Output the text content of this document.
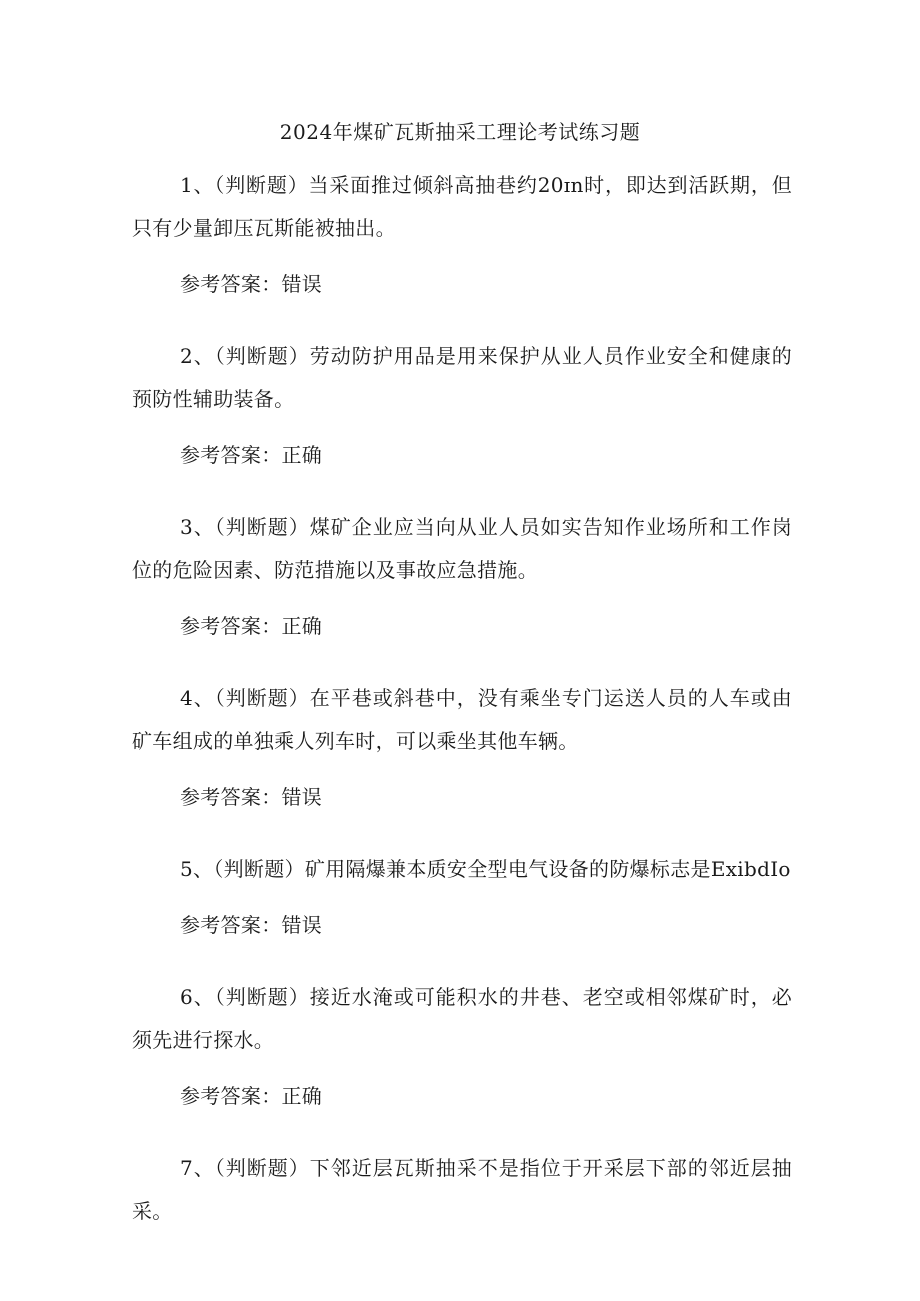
2024年煤矿瓦斯抽采工理论考试练习题

1、（判断题）当采面推过倾斜高抽巷约20ɪn时，即达到活跃期，但只有少量卸压瓦斯能被抽出。

参考答案：错误

2、（判断题）劳动防护用品是用来保护从业人员作业安全和健康的预防性辅助装备。

参考答案：正确

3、（判断题）煤矿企业应当向从业人员如实告知作业场所和工作岗位的危险因素、防范措施以及事故应急措施。

参考答案：正确

4、（判断题）在平巷或斜巷中，没有乘坐专门运送人员的人车或由矿车组成的单独乘人列车时，可以乘坐其他车辆。

参考答案：错误

5、（判断题）矿用隔爆兼本质安全型电气设备的防爆标志是ExibdIo

参考答案：错误

6、（判断题）接近水淹或可能积水的井巷、老空或相邻煤矿时，必须先进行探水。

参考答案：正确

7、（判断题）下邻近层瓦斯抽采不是指位于开采层下部的邻近层抽采。
